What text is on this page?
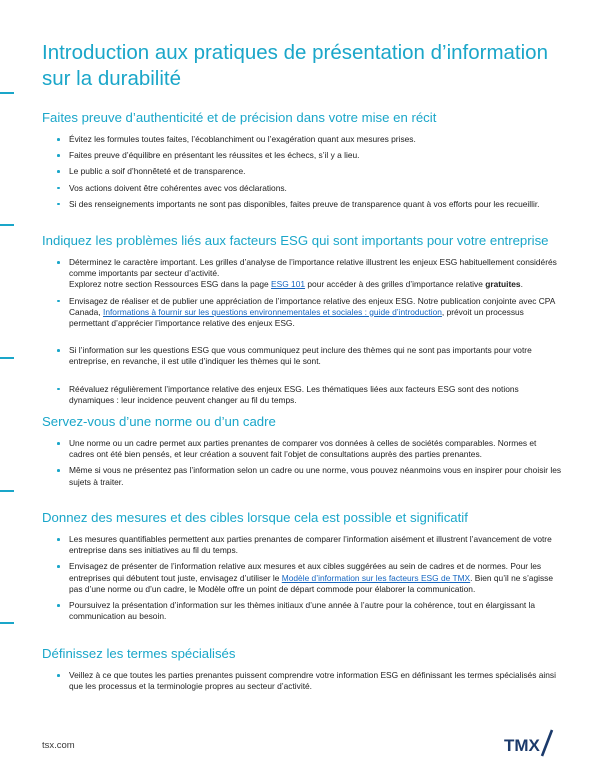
Introduction aux pratiques de présentation d’information sur la durabilité
Faites preuve d’authenticité et de précision dans votre mise en récit
Évitez les formules toutes faites, l’écoblanchiment ou l’exagération quant aux mesures prises.
Faites preuve d’équilibre en présentant les réussites et les échecs, s’il y a lieu.
Le public a soif d’honnêteté et de transparence.
Vos actions doivent être cohérentes avec vos déclarations.
Si des renseignements importants ne sont pas disponibles, faites preuve de transparence quant à vos efforts pour les recueillir.
Indiquez les problèmes liés aux facteurs ESG qui sont importants pour votre entreprise
Déterminez le caractère important. Les grilles d’analyse de l’importance relative illustrent les enjeux ESG habituellement considérés comme importants par secteur d’activité.
Explorez notre section Ressources ESG dans la page ESG 101 pour accéder à des grilles d’importance relative gratuites.
Envisagez de réaliser et de publier une appréciation de l’importance relative des enjeux ESG. Notre publication conjointe avec CPA Canada, Informations à fournir sur les questions environnementales et sociales : guide d’introduction, prévoit un processus permettant d’apprécier l’importance relative des enjeux ESG.
Si l’information sur les questions ESG que vous communiquez peut inclure des thèmes qui ne sont pas importants pour votre entreprise, en revanche, il est utile d’indiquer les thèmes qui le sont.
Réévaluez régulièrement l’importance relative des enjeux ESG. Les thématiques liées aux facteurs ESG sont des notions dynamiques : leur incidence peuvent changer au fil du temps.
Servez-vous d’une norme ou d’un cadre
Une norme ou un cadre permet aux parties prenantes de comparer vos données à celles de sociétés comparables. Normes et cadres ont été bien pensés, et leur création a souvent fait l’objet de consultations auprès des parties prenantes.
Même si vous ne présentez pas l’information selon un cadre ou une norme, vous pouvez néanmoins vous en inspirer pour choisir les sujets à traiter.
Donnez des mesures et des cibles lorsque cela est possible et significatif
Les mesures quantifiables permettent aux parties prenantes de comparer l’information aisément et illustrent l’avancement de votre entreprise dans ses initiatives au fil du temps.
Envisagez de présenter de l’information relative aux mesures et aux cibles suggérées au sein de cadres et de normes. Pour les entreprises qui débutent tout juste, envisagez d’utiliser le Modèle d’information sur les facteurs ESG de TMX. Bien qu’il ne s’agisse pas d’une norme ou d’un cadre, le Modèle offre un point de départ commode pour élaborer la communication.
Poursuivez la présentation d’information sur les thèmes initiaux d’une année à l’autre pour la cohérence, tout en élargissant la communication au besoin.
Définissez les termes spécialisés
Veillez à ce que toutes les parties prenantes puissent comprendre votre information ESG en définissant les termes spécialisés ainsi que les processus et la terminologie propres au secteur d’activité.
tsx.com	TMX
